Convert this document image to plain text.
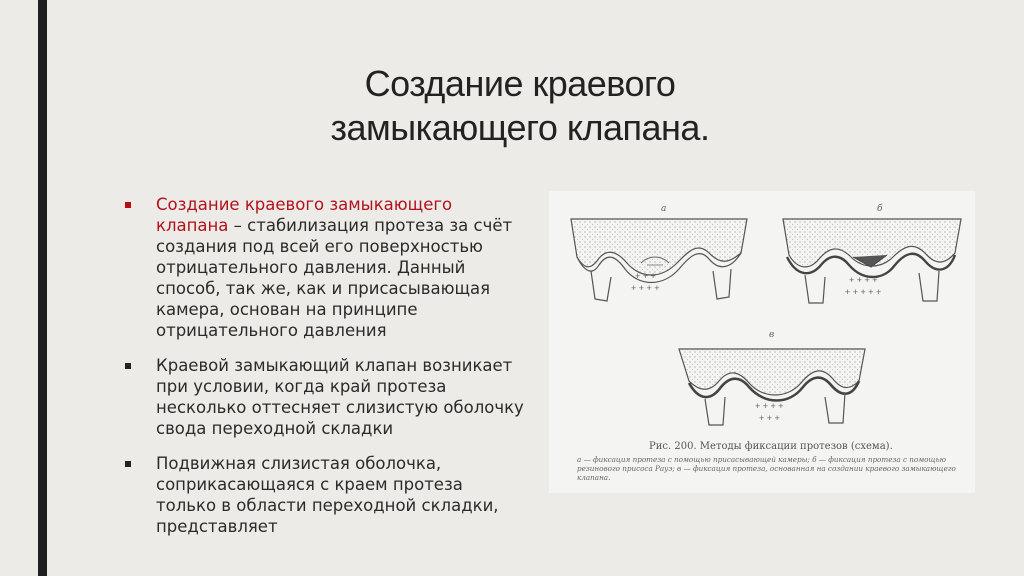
Создание краевого
замыкающего клапана.
Создание краевого замыкающего клапана – стабилизация протеза за счёт создания под всей его поверхностью отрицательного давления. Данный способ, так же, как и присасывающая камера, основан на принципе отрицательного давления
Краевой замыкающий клапан возникает при условии, когда край протеза несколько оттесняет слизистую оболочку свода переходной складки
Подвижная слизистая оболочка, соприкасающаяся с краем протеза только в области переходной складки, представляет
а
+ + +
+ + + +
б
+ + + +
+ + + + +
в
+ + + +
+ + +
Рис. 200. Методы фиксации протезов (схема).
а — фиксация протеза с помощью присасывающей камеры; б — фиксация протеза с помощью резинового присоса Рауэ; в — фиксация протеза, основанная на создании краевого замыкающего клапана.
